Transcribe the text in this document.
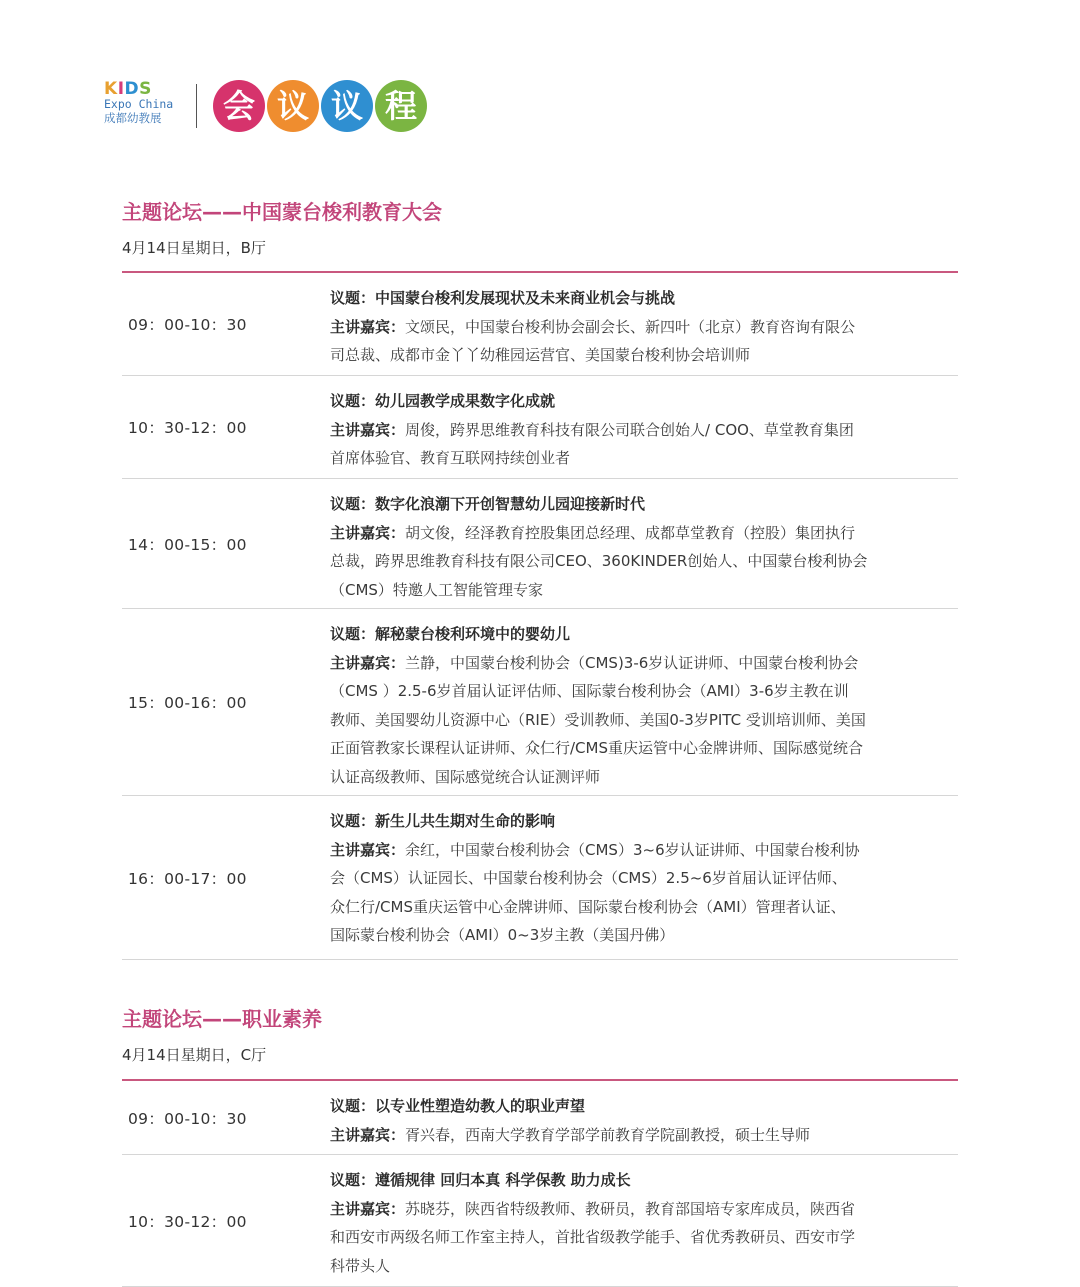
KIDS
Expo China
成都幼教展	会 议 议 程
主题论坛——中国蒙台梭利教育大会
4月14日星期日，B厅
09：00-10：30
议题：中国蒙台梭利发展现状及未来商业机会与挑战
主讲嘉宾：文颂民，中国蒙台梭利协会副会长、新四叶（北京）教育咨询有限公
司总裁、成都市金丫丫幼稚园运营官、美国蒙台梭利协会培训师
10：30-12：00
议题：幼儿园教学成果数字化成就
主讲嘉宾：周俊，跨界思维教育科技有限公司联合创始人/ COO、草堂教育集团
首席体验官、教育互联网持续创业者
14：00-15：00
议题：数字化浪潮下开创智慧幼儿园迎接新时代
主讲嘉宾：胡文俊，经泽教育控股集团总经理、成都草堂教育（控股）集团执行
总裁，跨界思维教育科技有限公司CEO、360KINDER创始人、中国蒙台梭利协会
（CMS）特邀人工智能管理专家
15：00-16：00
议题：解秘蒙台梭利环境中的婴幼儿
主讲嘉宾：兰静，中国蒙台梭利协会（CMS)3-6岁认证讲师、中国蒙台梭利协会
（CMS ）2.5-6岁首届认证评估师、国际蒙台梭利协会（AMI）3-6岁主教在训
教师、美国婴幼儿资源中心（RIE）受训教师、美国0-3岁PITC 受训培训师、美国
正面管教家长课程认证讲师、众仁行/CMS重庆运管中心金牌讲师、国际感觉统合
认证高级教师、国际感觉统合认证测评师
16：00-17：00
议题：新生儿共生期对生命的影响
主讲嘉宾：余红，中国蒙台梭利协会（CMS）3~6岁认证讲师、中国蒙台梭利协
会（CMS）认证园长、中国蒙台梭利协会（CMS）2.5~6岁首届认证评估师、
众仁行/CMS重庆运管中心金牌讲师、国际蒙台梭利协会（AMI）管理者认证、
国际蒙台梭利协会（AMI）0~3岁主教（美国丹佛）
主题论坛——职业素养
4月14日星期日，C厅
09：00-10：30
议题：以专业性塑造幼教人的职业声望
主讲嘉宾：胥兴春，西南大学教育学部学前教育学院副教授，硕士生导师
10：30-12：00
议题：遵循规律 回归本真 科学保教 助力成长
主讲嘉宾：苏晓芬，陕西省特级教师、教研员，教育部国培专家库成员，陕西省
和西安市两级名师工作室主持人，首批省级教学能手、省优秀教研员、西安市学
科带头人
